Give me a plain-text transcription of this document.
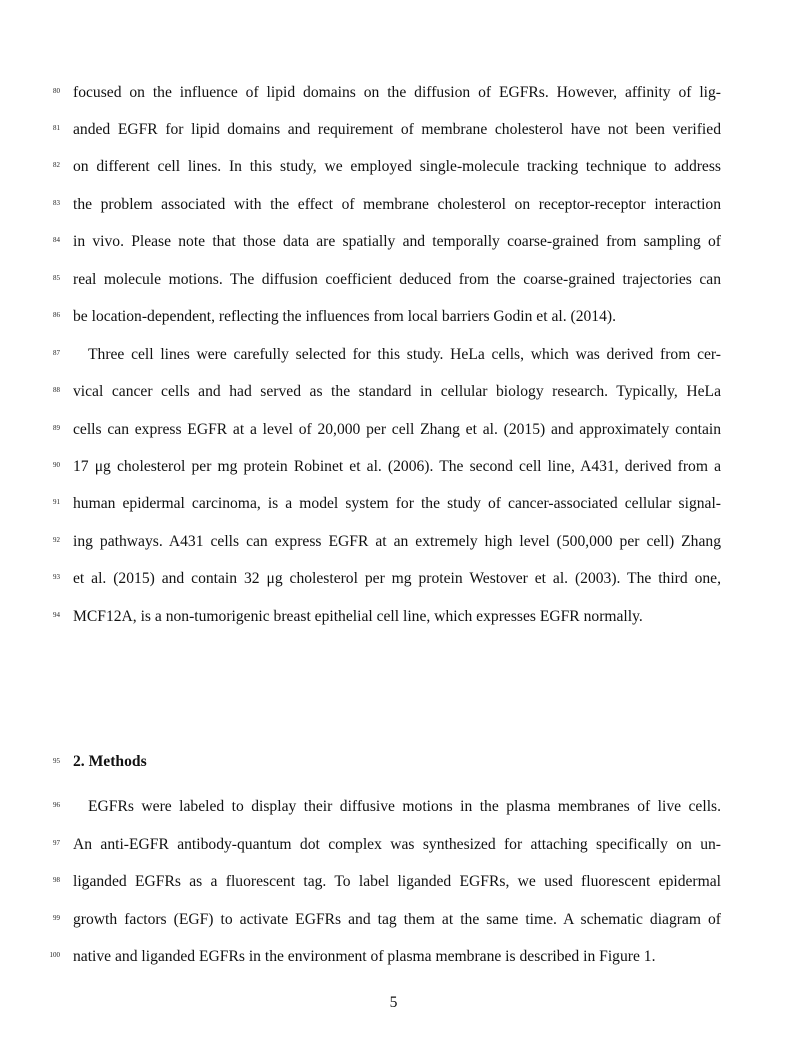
80 focused on the influence of lipid domains on the diffusion of EGFRs. However, affinity of lig-
81 anded EGFR for lipid domains and requirement of membrane cholesterol have not been verified
82 on different cell lines. In this study, we employed single-molecule tracking technique to address
83 the problem associated with the effect of membrane cholesterol on receptor-receptor interaction
84 in vivo. Please note that those data are spatially and temporally coarse-grained from sampling of
85 real molecule motions. The diffusion coefficient deduced from the coarse-grained trajectories can
86 be location-dependent, reflecting the influences from local barriers Godin et al. (2014).
87	Three cell lines were carefully selected for this study. HeLa cells, which was derived from cer-
88 vical cancer cells and had served as the standard in cellular biology research. Typically, HeLa
89 cells can express EGFR at a level of 20,000 per cell Zhang et al. (2015) and approximately contain
90 17 μg cholesterol per mg protein Robinet et al. (2006). The second cell line, A431, derived from a
91 human epidermal carcinoma, is a model system for the study of cancer-associated cellular signal-
92 ing pathways. A431 cells can express EGFR at an extremely high level (500,000 per cell) Zhang
93 et al. (2015) and contain 32 μg cholesterol per mg protein Westover et al. (2003). The third one,
94 MCF12A, is a non-tumorigenic breast epithelial cell line, which expresses EGFR normally.
95 2. Methods
96	EGFRs were labeled to display their diffusive motions in the plasma membranes of live cells.
97 An anti-EGFR antibody-quantum dot complex was synthesized for attaching specifically on un-
98 liganded EGFRs as a fluorescent tag. To label liganded EGFRs, we used fluorescent epidermal
99 growth factors (EGF) to activate EGFRs and tag them at the same time. A schematic diagram of
100 native and liganded EGFRs in the environment of plasma membrane is described in Figure 1.
5
